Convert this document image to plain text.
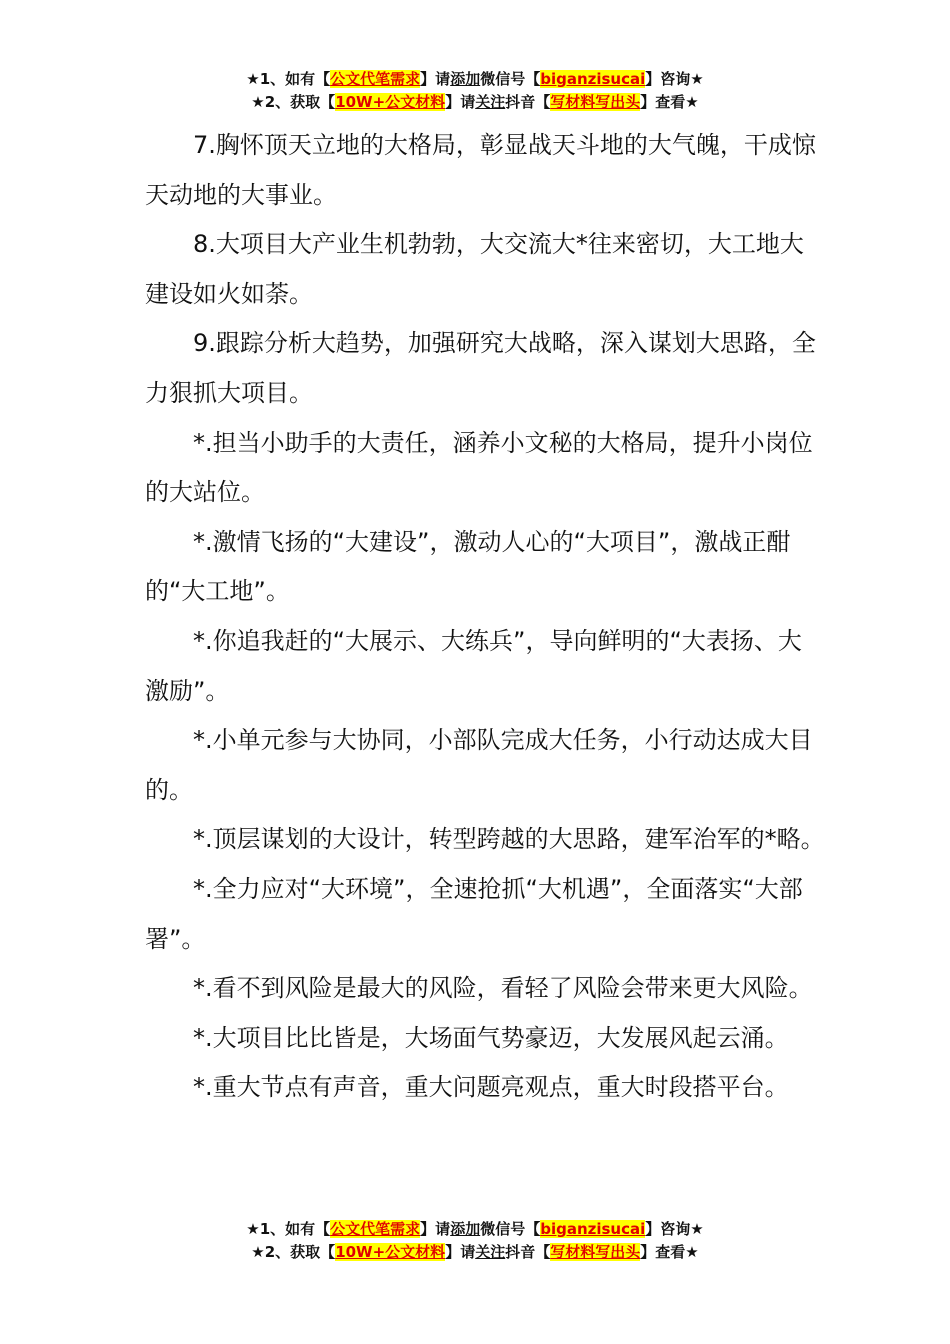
★1、如有【公文代笔需求】请添加微信号【biganzisucai】咨询★
★2、获取【10W+公文材料】请关注抖音【写材料写出头】查看★

7.胸怀顶天立地的大格局，彰显战天斗地的大气魄，干成惊天动地的大事业。

8.大项目大产业生机勃勃，大交流大*往来密切，大工地大建设如火如荼。

9.跟踪分析大趋势，加强研究大战略，深入谋划大思路，全力狠抓大项目。

*.担当小助手的大责任，涵养小文秘的大格局，提升小岗位的大站位。

*.激情飞扬的“大建设”，激动人心的“大项目”，激战正酣的“大工地”。

*.你追我赶的“大展示、大练兵”，导向鲜明的“大表扬、大激励”。

*.小单元参与大协同，小部队完成大任务，小行动达成大目的。

*.顶层谋划的大设计，转型跨越的大思路，建军治军的*略。

*.全力应对“大环境”，全速抢抓“大机遇”，全面落实“大部署”。

*.看不到风险是最大的风险，看轻了风险会带来更大风险。

*.大项目比比皆是，大场面气势豪迈，大发展风起云涌。

*.重大节点有声音，重大问题亮观点，重大时段搭平台。

★1、如有【公文代笔需求】请添加微信号【biganzisucai】咨询★
★2、获取【10W+公文材料】请关注抖音【写材料写出头】查看★
